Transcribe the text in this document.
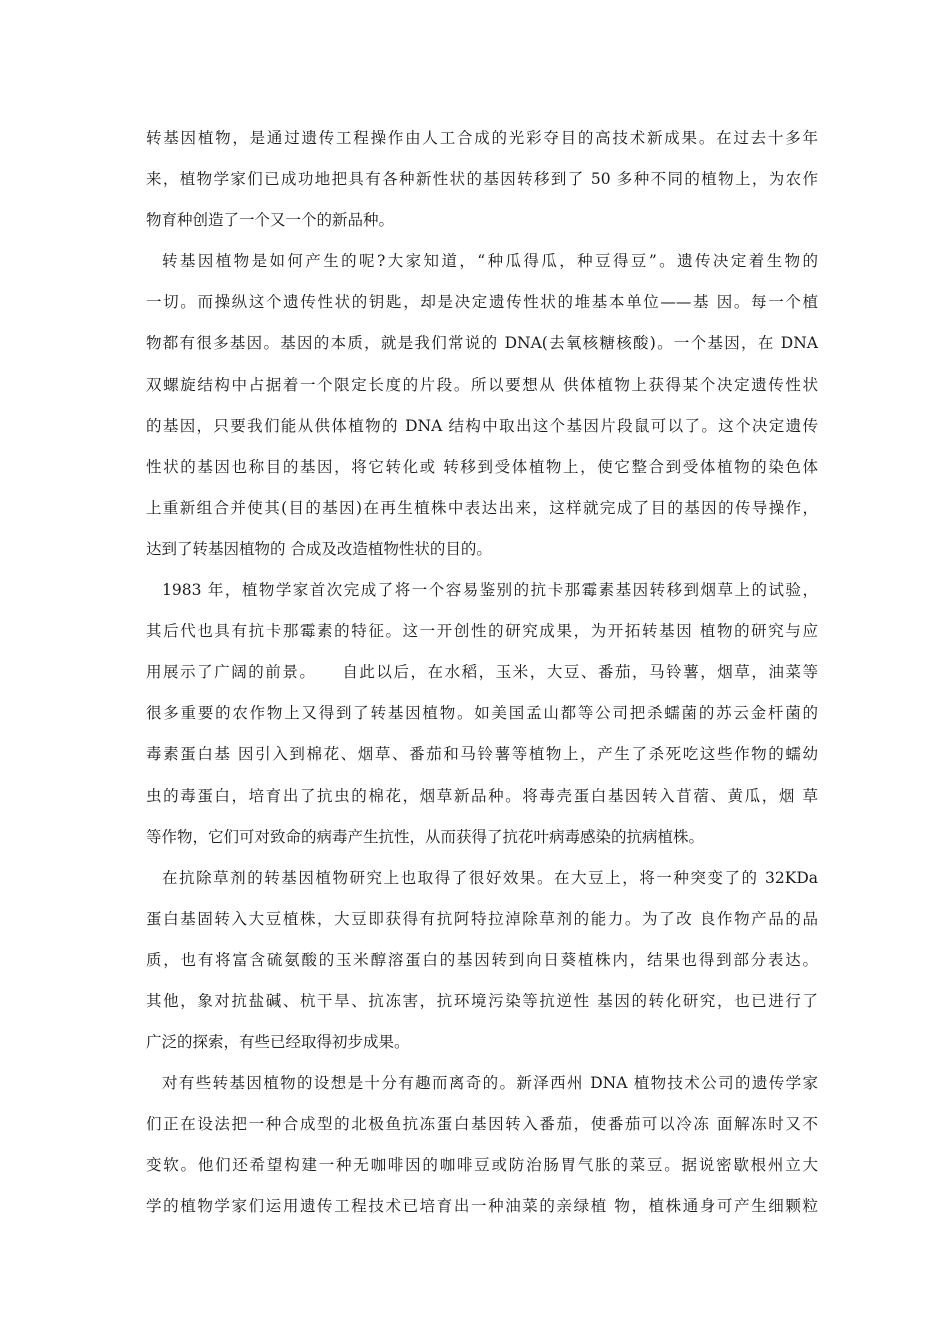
转基因植物，是通过遗传工程操作由人工合成的光彩夺目的高技术新成果。在过去十多年
来，植物学家们已成功地把具有各种新性状的基因转移到了 50 多种不同的植物上，为农作
物育种创造了一个又一个的新品种。
转基因植物是如何产生的呢?大家知道，“种瓜得瓜，种豆得豆”。遗传决定着生物的
一切。而操纵这个遗传性状的钥匙，却是决定遗传性状的堆基本单位——基 因。每一个植
物都有很多基因。基因的本质，就是我们常说的 DNA(去氧核糖核酸)。一个基因，在 DNA
双螺旋结构中占据着一个限定长度的片段。所以要想从 供体植物上获得某个决定遗传性状
的基因，只要我们能从供体植物的 DNA 结构中取出这个基因片段鼠可以了。这个决定遗传
性状的基因也称目的基因，将它转化或 转移到受体植物上，使它整合到受体植物的染色体
上重新组合并使其(目的基因)在再生植株中表达出来，这样就完成了目的基因的传导操作，
达到了转基因植物的 合成及改造植物性状的目的。
1983 年，植物学家首次完成了将一个容易鉴别的抗卡那霉素基因转移到烟草上的试验，
其后代也具有抗卡那霉素的特征。这一开创性的研究成果，为开拓转基因 植物的研究与应
用展示了广阔的前景。    自此以后，在水稻，玉米，大豆、番茄，马铃薯，烟草，油菜等
很多重要的农作物上又得到了转基因植物。如美国孟山都等公司把杀蠕菌的苏云金杆菌的
毒素蛋白基 因引入到棉花、烟草、番茄和马铃薯等植物上，产生了杀死吃这些作物的蠕幼
虫的毒蛋白，培育出了抗虫的棉花，烟草新品种。将毒壳蛋白基因转入苜蓿、黄瓜，烟 草
等作物，它们可对致命的病毒产生抗性，从而获得了抗花叶病毒感染的抗病植株。
在抗除草剂的转基因植物研究上也取得了很好效果。在大豆上，将一种突变了的 32KDa
蛋白基固转入大豆植株，大豆即获得有抗阿特拉淖除草剂的能力。为了改 良作物产品的品
质，也有将富含硫氨酸的玉米醇溶蛋白的基因转到向日葵植株内，结果也得到部分表达。
其他，象对抗盐碱、杭干旱、抗冻害，抗环境污染等抗逆性 基因的转化研究，也已进行了
广泛的探索，有些已经取得初步成果。
对有些转基因植物的设想是十分有趣而离奇的。新泽西州 DNA 植物技术公司的遗传学家
们正在设法把一种合成型的北极鱼抗冻蛋白基因转入番茄，使番茄可以冷冻 面解冻时又不
变软。他们还希望构建一种无咖啡因的咖啡豆或防治肠胃气胀的菜豆。据说密歇根州立大
学的植物学家们运用遗传工程技术已培育出一种油菜的亲绿植 物，植株通身可产生细颗粒
